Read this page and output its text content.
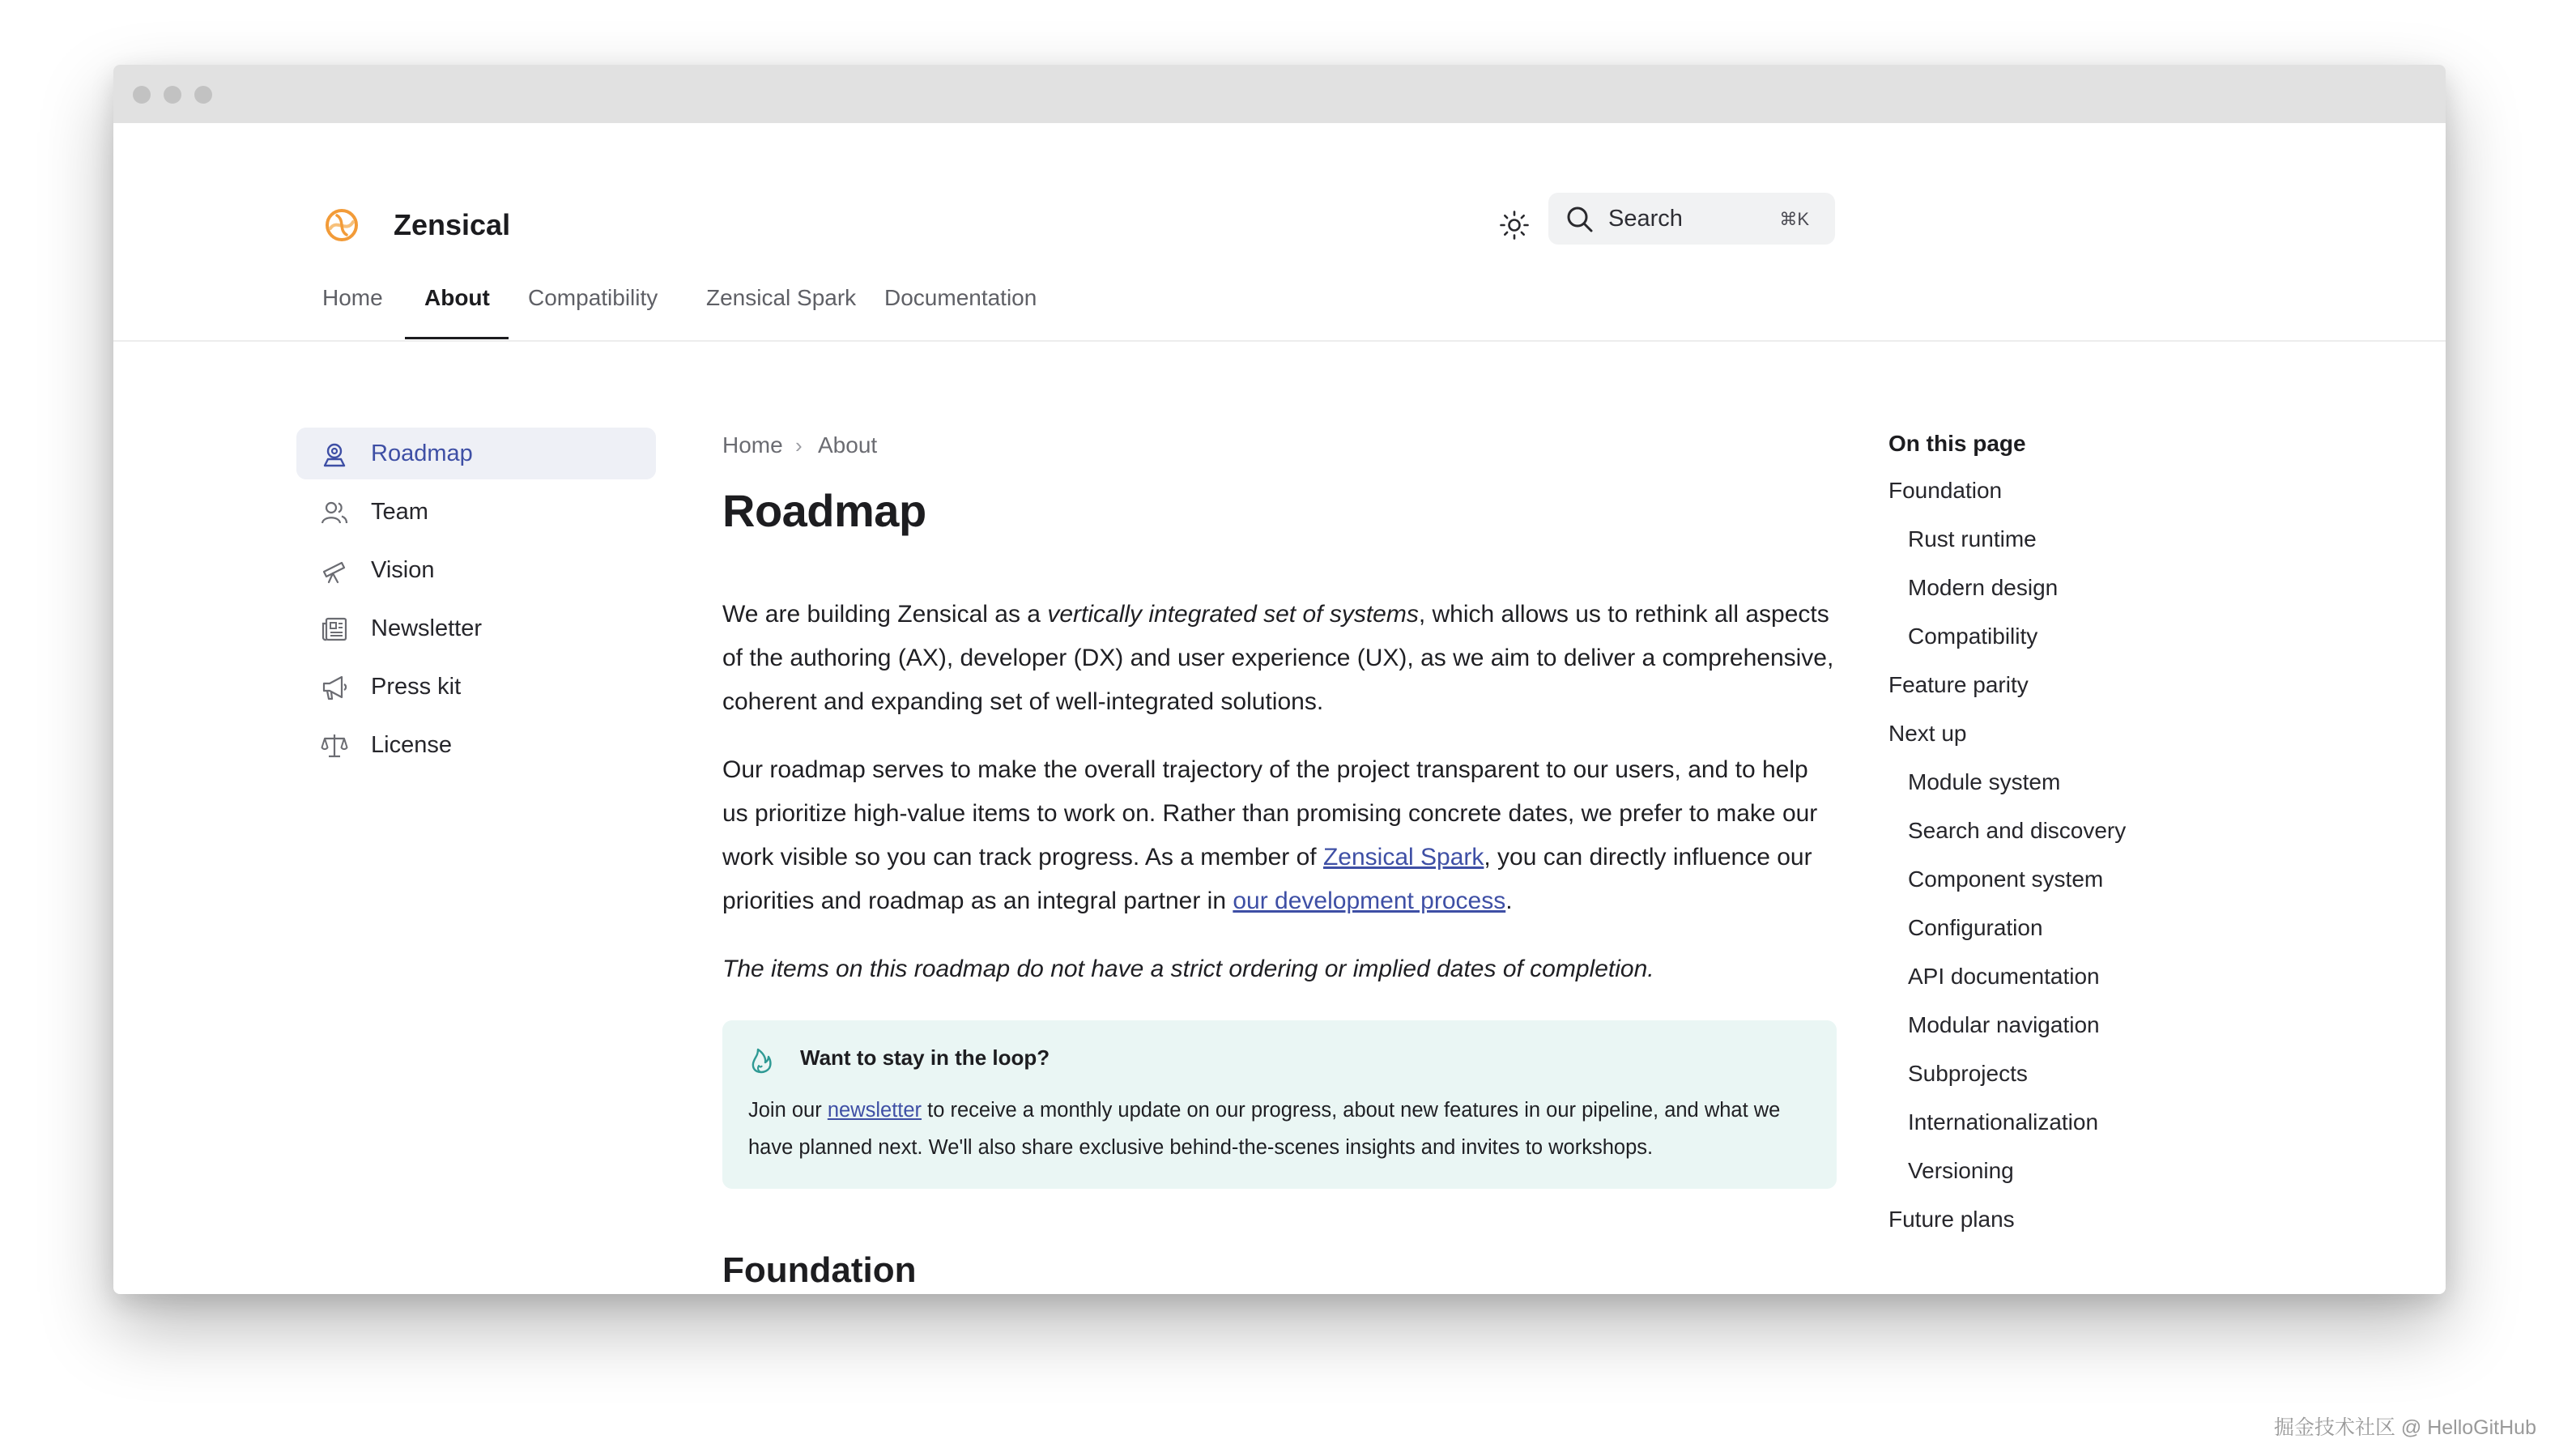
Zensical	Search	⌘K
Home About Compatibility Zensical Spark Documentation
Roadmap
Team
Vision
Newsletter
Press kit
License
Home › About
Roadmap

We are building Zensical as a vertically integrated set of systems, which allows us to rethink all aspects of the authoring (AX), developer (DX) and user experience (UX), as we aim to deliver a comprehensive, coherent and expanding set of well-integrated solutions.

Our roadmap serves to make the overall trajectory of the project transparent to our users, and to help us prioritize high-value items to work on. Rather than promising concrete dates, we prefer to make our work visible so you can track progress. As a member of Zensical Spark, you can directly influence our priorities and roadmap as an integral partner in our development process.

The items on this roadmap do not have a strict ordering or implied dates of completion.

Want to stay in the loop?
Join our newsletter to receive a monthly update on our progress, about new features in our pipeline, and what we have planned next. We'll also share exclusive behind-the-scenes insights and invites to workshops.
Foundation
On this page
Foundation
Rust runtime
Modern design
Compatibility
Feature parity
Next up
Module system
Search and discovery
Component system
Configuration
API documentation
Modular navigation
Subprojects
Internationalization
Versioning
Future plans
掘金技术社区 @ HelloGitHub
